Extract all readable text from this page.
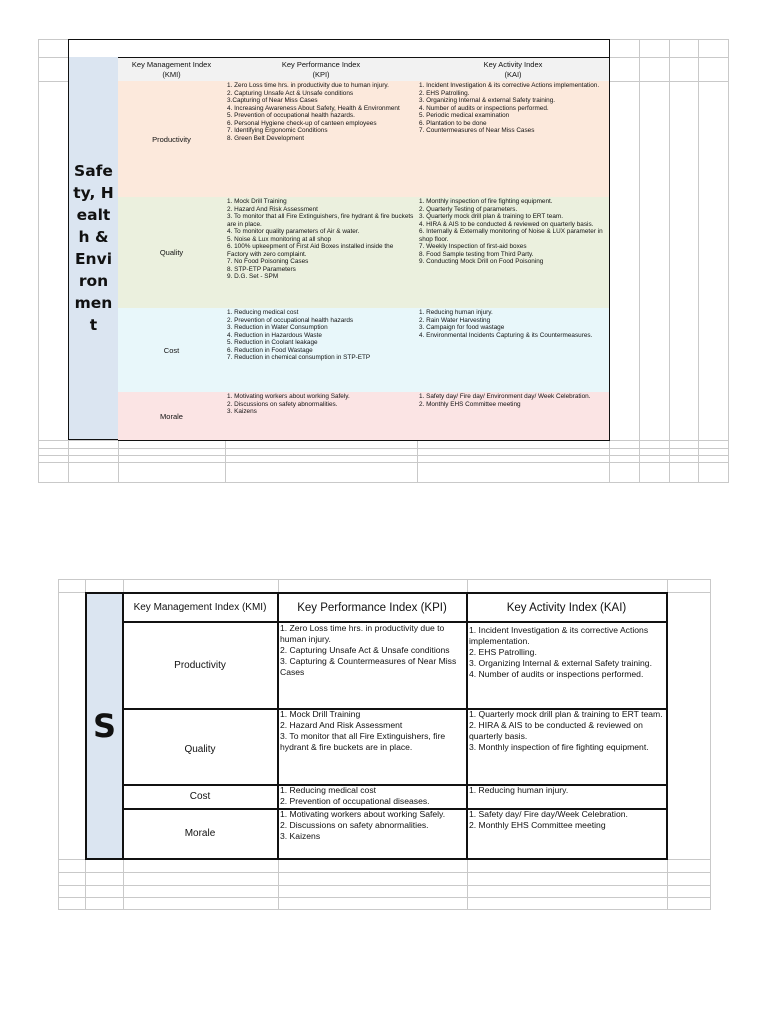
Safety, Health & Environment
Key Management Index
(KMI)
Key Performance Index
(KPI)
Key Activity Index
(KAI)
Productivity
1. Zero Loss time hrs. in productivity due to human injury.
2. Capturing Unsafe Act & Unsafe conditions
3.Capturing of Near Miss Cases
4. Increasing Awareness About Safety, Health & Environment
5. Prevention of occupational health hazards.
6. Personal Hygiene check-up of canteen employees
7. Identifying Ergonomic Conditions
8. Green Belt Development
1. Incident Investigation & its corrective Actions implementation.
2. EHS Patrolling.
3. Organizing Internal & external Safety training.
4. Number of audits or inspections performed.
5. Periodic medical examination
6. Plantation to be done
7. Countermeasures of Near Miss Cases
Quality
1. Mock Drill Training
2. Hazard And Risk Assessment
3. To monitor that all Fire Extinguishers, fire hydrant & fire buckets are in place.
4. To monitor quality parameters of Air & water.
5. Noise & Lux monitoring at all shop
6. 100% upkeepment of First Aid Boxes installed inside the Factory with zero complaint.
7. No Food Poisoning Cases
8. STP-ETP Parameters
9. D.G. Set - SPM
1. Monthly inspection of fire fighting equipment.
2. Quarterly Testing of parameters.
3. Quarterly mock drill plan & training to ERT team.
4. HIRA & AIS to be conducted & reviewed on quarterly basis.
6. Internally & Externally monitoring of Noise & LUX parameter in shop floor.
7. Weekly Inspection of first-aid boxes
8. Food Sample testing from Third Party.
9. Conducting Mock Drill on Food Poisoning
Cost
1. Reducing medical cost
2. Prevention of occupational health hazards
3. Reduction in Water Consumption
4. Reduction in Hazardous Waste
5. Reduction in Coolant leakage
6. Reduction in Food Wastage
7. Reduction in chemical consumption in STP-ETP
1. Reducing human injury.
2. Rain Water Harvesting
3. Campaign for food wastage
4. Environmental Incidents Capturing & its Countermeasures.
Morale
1. Motivating workers about working Safely.
2. Discussions on safety abnormalities.
3. Kaizens
1. Safety day/ Fire day/ Environment day/ Week Celebration.
2. Monthly EHS Committee meeting
S
Key Management Index (KMI)	Key Performance Index (KPI)	Key Activity Index (KAI)
Productivity
1. Zero Loss time hrs. in productivity due to human injury.
2. Capturing Unsafe Act & Unsafe conditions
3. Capturing & Countermeasures of Near Miss Cases
1. Incident Investigation & its corrective Actions implementation.
2. EHS Patrolling.
3. Organizing Internal & external Safety training.
4. Number of audits or inspections performed.
Quality
1. Mock Drill Training
2. Hazard And Risk Assessment
3. To monitor that all Fire Extinguishers, fire hydrant & fire buckets are in place.
1. Quarterly mock drill plan & training to ERT team.
2. HIRA & AIS to be conducted & reviewed on quarterly basis.
3. Monthly inspection of fire fighting equipment.
Cost
1. Reducing medical cost
2. Prevention of occupational diseases.
1. Reducing human injury.
Morale
1. Motivating workers about working Safely.
2. Discussions on safety abnormalities.
3. Kaizens
1. Safety day/ Fire day/Week Celebration.
2. Monthly EHS Committee meeting
